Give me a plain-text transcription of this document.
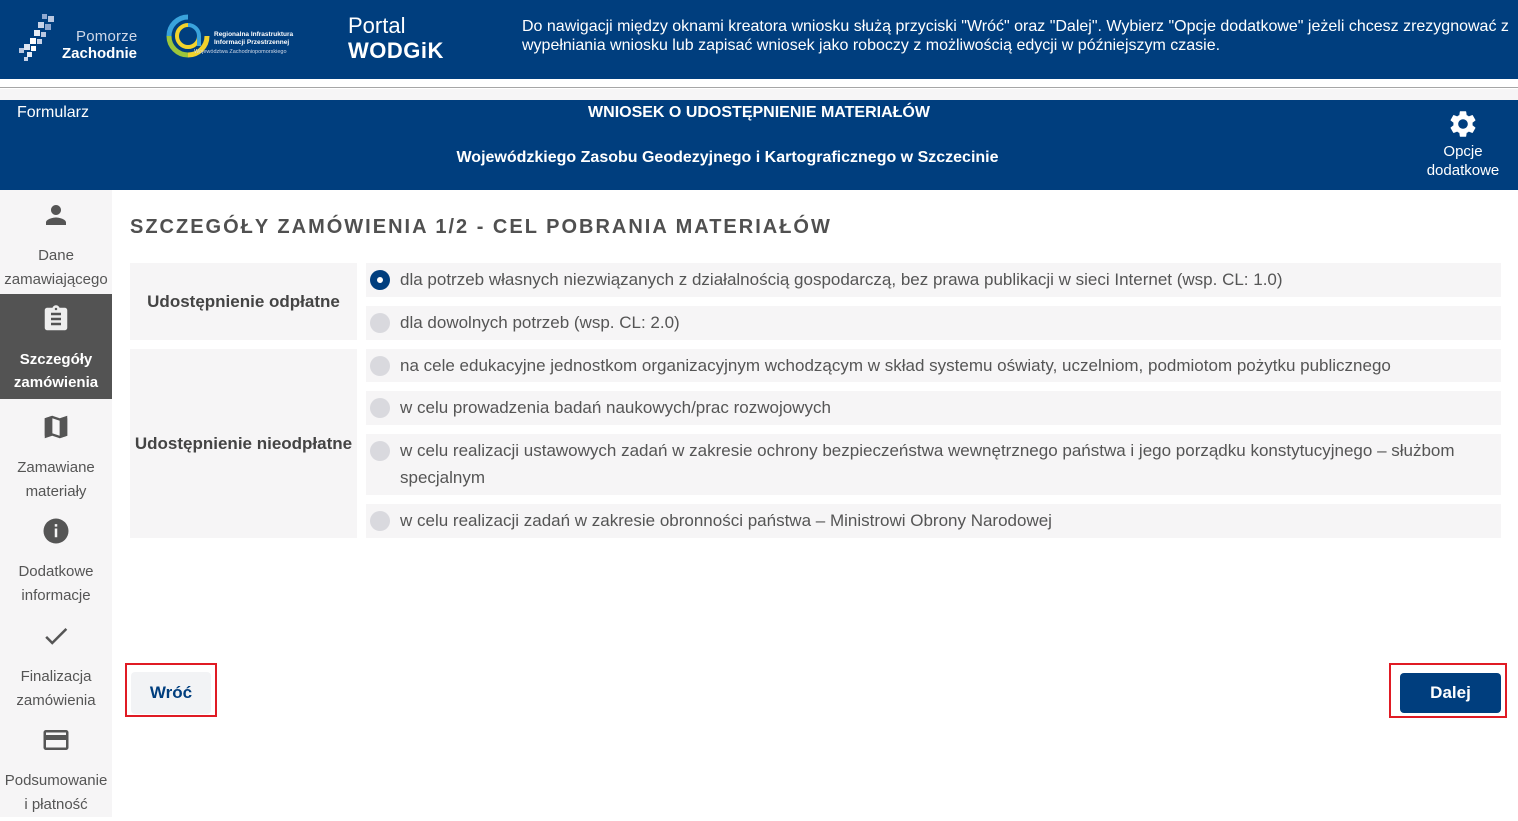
Pomorze
Zachodnie
Regionalna Infrastruktura
Informacji Przestrzennej
Województwa Zachodniopomorskiego
Portal
WODGiK
Do nawigacji między oknami kreatora wniosku służą przyciski "Wróć" oraz "Dalej". Wybierz "Opcje dodatkowe" jeżeli chcesz zrezygnować z wypełniania wniosku lub zapisać wniosek jako roboczy z możliwością edycji w późniejszym czasie.
Formularz	WNIOSEK O UDOSTĘPNIENIE MATERIAŁÓW
Wojewódzkiego Zasobu Geodezyjnego i Kartograficznego w Szczecinie	Opcje
dodatkowe
Dane
zamawiającego
Szczegóły
zamówienia
Zamawiane
materiały
Dodatkowe
informacje
Finalizacja
zamówienia
Podsumowanie
i płatność
SZCZEGÓŁY ZAMÓWIENIA 1/2 - CEL POBRANIA MATERIAŁÓW
Udostępnienie odpłatne
dla potrzeb własnych niezwiązanych z działalnością gospodarczą, bez prawa publikacji w sieci Internet (wsp. CL: 1.0)
dla dowolnych potrzeb (wsp. CL: 2.0)
Udostępnienie nieodpłatne
na cele edukacyjne jednostkom organizacyjnym wchodzącym w skład systemu oświaty, uczelniom, podmiotom pożytku publicznego
w celu prowadzenia badań naukowych/prac rozwojowych
w celu realizacji ustawowych zadań w zakresie ochrony bezpieczeństwa wewnętrznego państwa i jego porządku konstytucyjnego – służbom specjalnym
w celu realizacji zadań w zakresie obronności państwa – Ministrowi Obrony Narodowej
Wróć	Dalej
